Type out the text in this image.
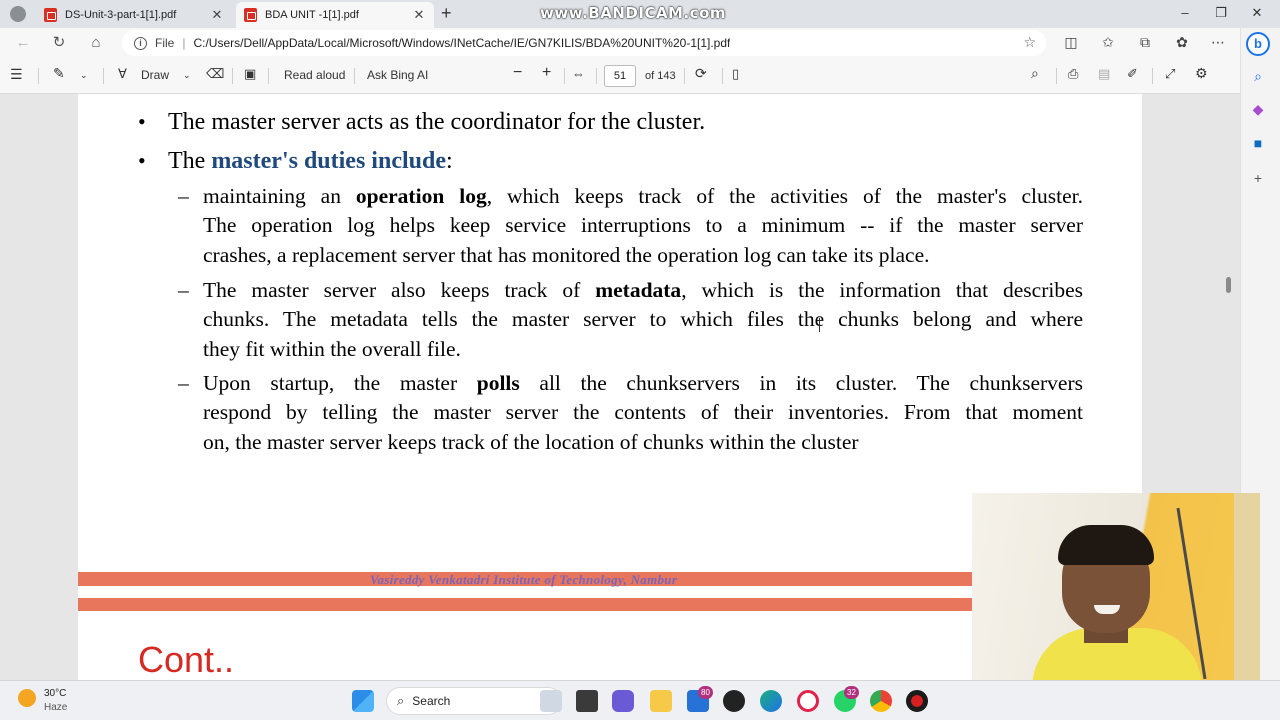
DS-Unit-3-part-1[1].pdf	✕	BDA UNIT -1[1].pdf	✕ +	www.BANDICAM.com	–	❐	✕
←	↻	⌂	i	File | C:/Users/Dell/AppData/Local/Microsoft/Windows/INetCache/IE/GN7KILIS/BDA%20UNIT%20-1[1].pdf	☆ ◫ ✩	⧉	✿ ⋯
☰ ✎ ⌄ ∀ Draw ⌄ ⌫ ▣ Read aloud Ask Bing AI	− + ⇔	51	of 143 ⟳ ▯	⌕ ⎙ ▤ ✐ ⤢ ⚙
b
⌕
◆
■
+
• The master server acts as the coordinator for the cluster.
• The master's duties include:
– maintaining an operation log, which keeps track of the activities of the master's cluster.
The operation log helps keep service interruptions to a minimum -- if the master server
crashes, a replacement server that has monitored the operation log can take its place.
– The master server also keeps track of metadata, which is the information that describes
chunks. The metadata tells the master server to which files the chunks belong and where
they fit within the overall file.
– Upon startup, the master polls all the chunkservers in its cluster. The chunkservers
respond by telling the master server the contents of their inventories. From that moment
on, the master server keeps track of the location of chunks within the cluster
Vasireddy Venkatadri Institute of Technology, Nambur
Cont..
30°C
Haze	⌕ Search
80	32
